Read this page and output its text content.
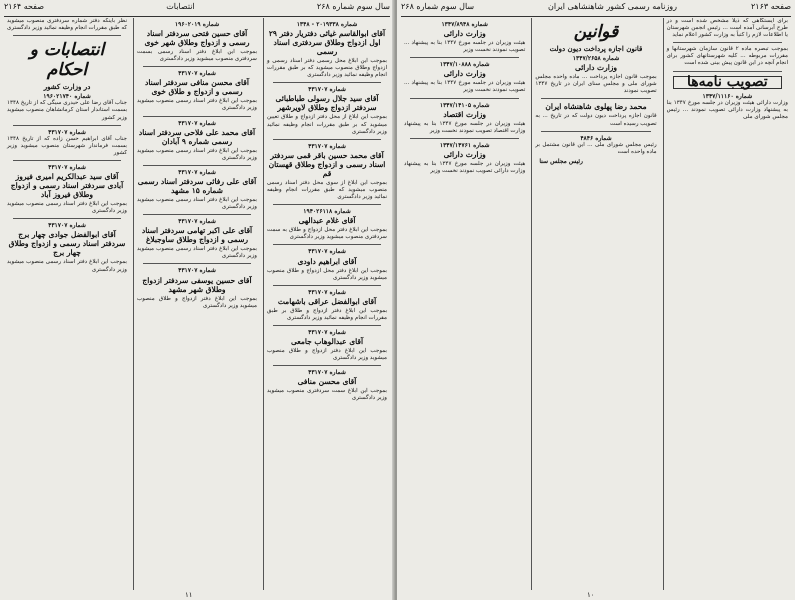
سال سوم شماره ۲۶۸
انتصابات
صفحه ۲۱۶۴
شماره ۲۰۱۹۳۳۸ - ۱۳۴۸
آقای ابوالقاسم غیاثی دفتریار دفتر ۲۹ اول ازدواج وطلاق سردفتری اسناد رسمی
بموجب این ابلاغ محل رسمی دفتر اسناد رسمی و ازدواج وطلاق منصوب میشوید که بر طبق مقررات انجام وظیفه نمائید وزیر دادگستری
شماره ۴۳۱۷۰۷
آقای سید جلال رسولی طباطبائی سردفتر ازدواج وطلاق لاویرشهر
بموجب این ابلاغ از محل دفتر ازدواج و طلاق تعیین میشوید که بر طبق مقررات انجام وظیفه نمائید وزیر دادگستری
شماره ۴۳۱۷۰۷
آقای محمد حسین باقر قمی سردفتر اسناد رسمی و ازدواج وطلاق قهستان قم
بموجب این ابلاغ از سوی محل دفتر اسناد رسمی منصوب میشوید که طبق مقررات انجام وظیفه نمائید وزیر دادگستری
شماره ۱۹۴۰۲۶۱۱۸
آقای غلام عبدالهی
بموجب این ابلاغ دفتر محل ازدواج و طلاق به سمت سردفتری منصوب میشوید وزیر دادگستری
شماره ۴۳۱۷۰۷
آقای ابراهیم داودی
بموجب این ابلاغ دفتر محل ازدواج و طلاق منصوب میشوید وزیر دادگستری
شماره ۴۳۱۷۰۷
آقای ابوالفضل عراقی باشهامت
بموجب این ابلاغ دفتر ازدواج و طلاق بر طبق مقررات انجام وظیفه نمائید وزیر دادگستری
شماره ۴۳۱۷۰۷
آقای عبدالوهاب جامعی
بموجب این ابلاغ دفتر ازدواج و طلاق منصوب میشوید وزیر دادگستری
شماره ۴۳۱۷۰۷
آقای محسن منافی
بموجب این ابلاغ سمت سردفتری منصوب میشوید وزیر دادگستری
شماره ۱۹۶۰۲۰۱۹
آقای حسین فتحی سردفتر اسناد رسمی و ازدواج وطلاق شهر خوی
بموجب این ابلاغ دفتر اسناد رسمی بسمت سردفتری منصوب میشوید وزیر دادگستری
شماره ۴۳۱۷۰۷
آقای محسن منافی سردفتر اسناد رسمی و ازدواج و طلاق خوی
بموجب این ابلاغ دفتر اسناد رسمی منصوب میشوید وزیر دادگستری
شماره ۴۳۱۷۰۷
آقای محمد علی فلاحی سردفتر اسناد رسمی شماره ۹ آبادان
بموجب این ابلاغ دفتر اسناد رسمی منصوب میشوید وزیر دادگستری
شماره ۴۳۱۷۰۷
آقای علی رفائی سردفتر اسناد رسمی شماره ۱۵ مشهد
بموجب این ابلاغ دفتر اسناد رسمی منصوب میشوید وزیر دادگستری
شماره ۴۳۱۷۰۷
آقای علی اکبر تهامی سردفتر اسناد رسمی و ازدواج وطلاق ساوجبلاغ
بموجب این ابلاغ دفتر اسناد رسمی منصوب میشوید وزیر دادگستری
شماره ۴۳۱۷۰۷
آقای حسین یوسفی سردفتر ازدواج وطلاق شهر مشهد
بموجب این ابلاغ دفتر ازدواج و طلاق منصوب میشوید وزیر دادگستری
نظر باینکه دفتر شماره سردفتری منصوب میشوید که طبق مقررات انجام وظیفه نمائید وزیر دادگستری
انتصابات و احکام
در وزارت کشور
شماره ۱۹۶۰۲۱۷۴۰
جناب آقای رضا علی حیدری سیگی که از تاریخ ۱۳۴۸ بسمت استاندار استان کرمانشاهان منصوب میشوید وزیر کشور
شماره ۴۳۱۷۰۷
جناب آقای ابراهیم حسن زاده که از تاریخ ۱۳۴۸ بسمت فرماندار شهرستان منصوب میشوید وزیر کشور
شماره ۴۳۱۷۰۷
آقای سید عبدالکریم امیری فیروز آبادی سردفتر اسناد رسمی و ازدواج وطلاق فیروز آباد
بموجب این ابلاغ دفتر اسناد رسمی منصوب میشوید وزیر دادگستری
شماره ۴۳۱۷۰۷
آقای ابوالفضل جوادی چهار برج سردفتر اسناد رسمی و ازدواج وطلاق چهار برج
بموجب این ابلاغ دفتر اسناد رسمی منصوب میشوید وزیر دادگستری
۱۱
صفحه ۲۱۶۳
روزنامه رسمی کشور شاهنشاهی ایران
سال سوم شماره ۲۶۸
برای ایستگاهی که ذیلاً مشخص شده است و در طرح آبرسانی آمده است ... رئیس انجمن شهرستان یا اطلاعات لازم را کتباً به وزارت کشور اعلام نماید
بموجب تبصره ماده ۲ قانون سازمان شهرستانها و مقررات مربوطه ... کلیه شهرستانهای کشور برای انجام آنچه در این قانون پیش بینی شده است
تصویب نامه‌ها
شماره ۱۳۴۷/۱۱۱۶۰
وزارت دارائی هیئت وزیران در جلسه مورخ ۱۳۴۷ بنا به پیشنهاد وزارت دارائی تصویب نمودند ... رئیس مجلس شورای ملی
قوانین
قانون اجازه پرداخت دیون دولت
شماره ۱۳۴۷/۲۶۵۸
وزارت دارائی
بموجب قانون اجازه پرداخت ... ماده واحده مجلس شورای ملی و مجلس سنای ایران در تاریخ ۱۳۴۷ تصویب نمودند
محمد رضا پهلوی شاهنشاه ایران
قانون اجازه پرداخت دیون دولت که در تاریخ ... به تصویب رسیده است
شماره ۴۸۴۶
رئیس مجلس شورای ملی ... این قانون مشتمل بر ماده واحده است
رئیس مجلس سنا
شماره ۱۳۴۷/۸۹۴۸
وزارت دارائی
هیئت وزیران در جلسه مورخ ۱۳۴۷ بنا به پیشنهاد ... تصویب نمودند نخست وزیر
شماره ۱۳۴۷/۱۰۸۸۸
وزارت دارائی
هیئت وزیران در جلسه مورخ ۱۳۴۷ بنا به پیشنهاد ... تصویب نمودند نخست وزیر
شماره ۱۳۴۷/۱۴۱۰۵
وزارت اقتصاد
هیئت وزیران در جلسه مورخ ۱۳۴۷ بنا به پیشنهاد وزارت اقتصاد تصویب نمودند نخست وزیر
شماره ۱۳۴۷/۱۴۷۶۱
وزارت دارائی
هیئت وزیران در جلسه مورخ ۱۳۴۷ بنا به پیشنهاد وزارت دارائی تصویب نمودند نخست وزیر
۱۰
